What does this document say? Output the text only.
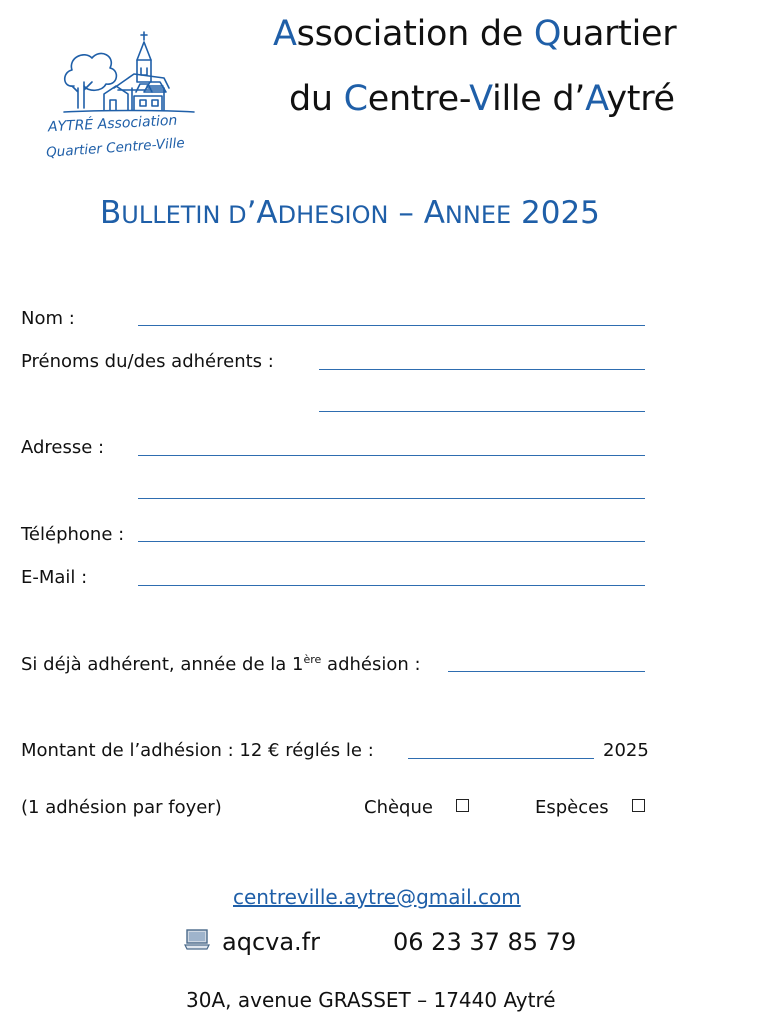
AYTRÉ Association
Quartier Centre-Ville
Association de Quartier
du Centre-Ville d’Aytré
BULLETIN D’ADHESION – ANNEE 2025
Nom :
Prénoms du/des adhérents :
Adresse :
Téléphone :
E-Mail :
Si déjà adhérent, année de la 1ère adhésion :
Montant de l’adhésion : 12 € réglés le :	2025
(1 adhésion par foyer)	Chèque	Espèces
centreville.aytre@gmail.com
aqcva.fr	06 23 37 85 79
30A, avenue GRASSET – 17440 Aytré
